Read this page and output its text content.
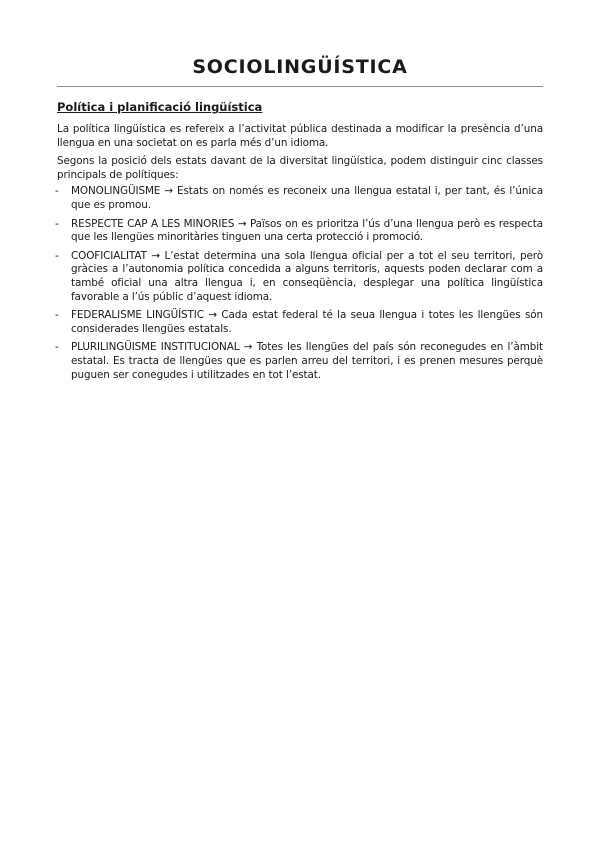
SOCIOLINGÜÍSTICA
Política i planificació lingüística

La política lingüística es refereix a l’activitat pública destinada a modificar la presència d’una llengua en una societat on es parla més d’un idioma.

Segons la posició dels estats davant de la diversitat lingüística, podem distinguir cinc classes principals de polítiques:

- MONOLINGÜISME → Estats on només es reconeix una llengua estatal i, per tant, és l’única que es promou.
- RESPECTE CAP A LES MINORIES → Països on es prioritza l’ús d’una llengua però es respecta que les llengües minoritàries tinguen una certa protecció i promoció.
- COOFICIALITAT → L’estat determina una sola llengua oficial per a tot el seu territori, però gràcies a l’autonomia política concedida a alguns territoris, aquests poden declarar com a també oficial una altra llengua i, en conseqüència, desplegar una política lingüística favorable a l’ús públic d’aquest idioma.
- FEDERALISME LINGÜÍSTIC → Cada estat federal té la seua llengua i totes les llengües són considerades llengües estatals.
- PLURILINGÜISME INSTITUCIONAL → Totes les llengües del país són reconegudes en l’àmbit estatal. Es tracta de llengües que es parlen arreu del territori, i es prenen mesures perquè puguen ser conegudes i utilitzades en tot l’estat.
